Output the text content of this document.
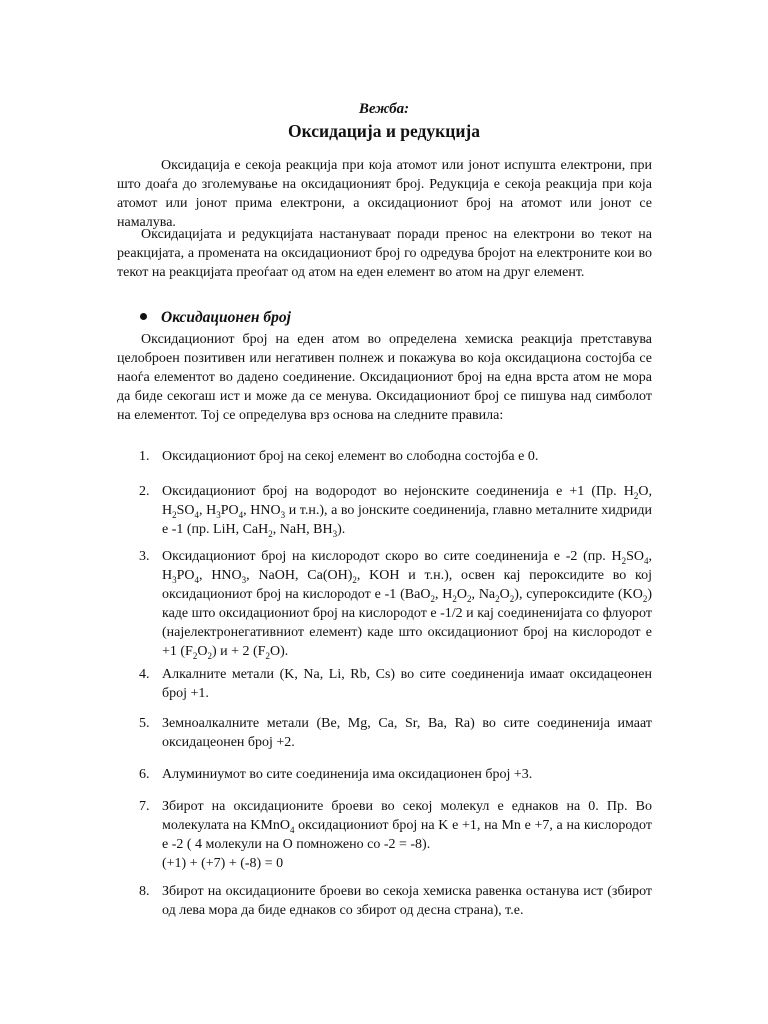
Вежба:
Оксидација и редукција
Оксидација е секоја реакција при која атомот или јонот испушта електрони, при што доаѓа до зголемување на оксидационият број. Редукција е секоја реакција при која атомот или јонот прима електрони, а оксидациониот број на атомот или јонот се намалува.
Оксидацијата и редукцијата настануваат поради пренос на електрони во текот на реакцијата, а промената на оксидациониот број го одредува бројот на електроните кои во текот на реакцијата преоѓаат од атом на еден елемент во атом на друг елемент.
Оксидационен број
Оксидациониот број на еден атом во определена хемиска реакција претставува целоброен позитивен или негативен полнеж и покажува во која оксидациона состојба се наоѓа елементот во дадено соединение. Оксидациониот број на една врста атом не мора да биде секогаш ист и може да се менува. Оксидациониот број се пишува над симболот на елементот. Тој се определува врз основа на следните правила:
1. Оксидациониот број на секој елемент во слободна состојба е 0.
2. Оксидациониот број на водородот во нејонските соединенија е +1 (Пр. $H_2O$, $H_2SO_4$, $H_3PO_4$, $HNO_3$ и т.н.), а во јонските соединенија, главно металните хидриди е -1 (пр. LiH, CaH$_2$, NaH, $BH_3$).
3. Оксидациониот број на кислородот скоро во сите соединенија е -2 (пр. $H_2SO_4$, $H_3PO_4$, $HNO_3$, NaOH, $Ca(OH)_2$, KOH и т.н.), освен кај пероксидите во кој оксидациониот број на кислородот е -1 (BaO$_2$, $H_2O_2$, $Na_2O_2$), супероксидите $(KO_2)$ каде што оксидациониот број на кислородот е -1/2 и кај соединенијата со флуорот (најелектронегативниот елемент) каде што оксидациониот број на кислородот е +1 $(F_2O_2) и + 2$ $(F_2O)$.
4. Алкалните метали (K, Na, Li, Rb, Cs) во сите соединенија имаат оксидацеонен број +1.
5. Земноалкалните метали (Be, Mg, Ca, Sr, Ba, Ra) во сите соединенија имаат оксидацеонен број +2.
6. Алуминиумот во сите соединенија има оксидационен број +3.
7. Збирот на оксидационите броеви во секој молекул е еднаков на 0. Пр. Во молекулата на KMnO$_4$ оксидациониот број на K е +1, на Mn е +7, а на кислородот е -2 ( 4 молекули на О помножено со -2 = -8).
(+1) + (+7) + (-8) = 0
8. Збирот на оксидационите броеви во секоја хемиска равенка останува ист (збирот од лева мора да биде еднаков со збирот од десна страна), т.е.
